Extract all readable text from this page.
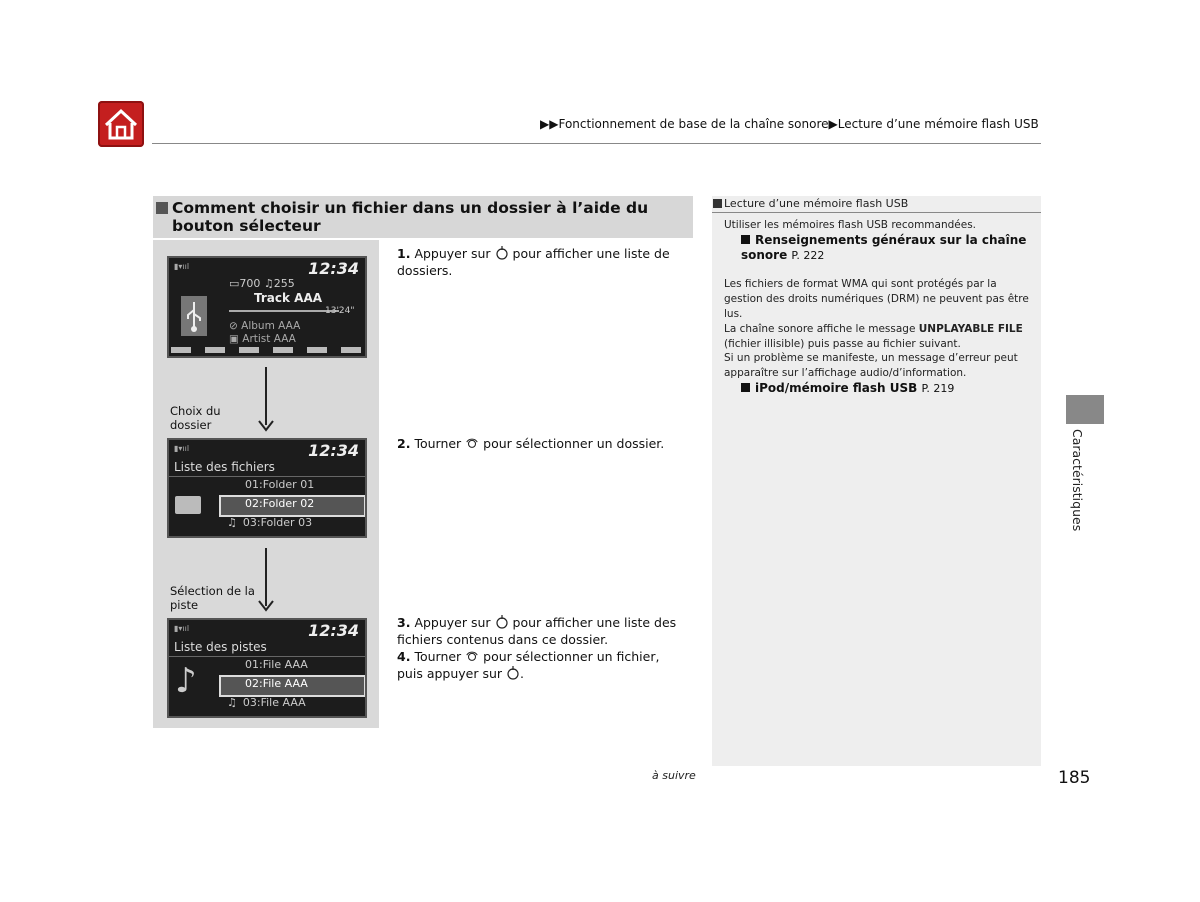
▶▶Fonctionnement de base de la chaîne sonore▶Lecture d’une mémoire flash USB
Comment choisir un fichier dans un dossier à l’aide du bouton sélecteur
▮▾ııl	12:34
▭700 ♫255
Track AAA
13'24"
⊘ Album AAA
▣ Artist AAA
Choix du dossier
▮▾ııl	12:34
Liste des fichiers
01:Folder 01
02:Folder 02
♫ 03:Folder 03
Sélection de la piste
▮▾ııl	12:34
Liste des pistes
♪	01:File AAA
02:File AAA
♫ 03:File AAA
1. Appuyer sur pour afficher une liste de dossiers.
2. Tourner pour sélectionner un dossier.
3. Appuyer sur pour afficher une liste des fichiers contenus dans ce dossier.
4. Tourner pour sélectionner un fichier, puis appuyer sur .
Lecture d’une mémoire flash USB
Utiliser les mémoires flash USB recommandées.
Renseignements généraux sur la chaîne sonore P. 222
Les fichiers de format WMA qui sont protégés par la gestion des droits numériques (DRM) ne peuvent pas être lus.
La chaîne sonore affiche le message UNPLAYABLE FILE
(fichier illisible) puis passe au fichier suivant.
Si un problème se manifeste, un message d’erreur peut apparaître sur l’affichage audio/d’information.
iPod/mémoire flash USB P. 219
Caractéristiques
à suivre	185
